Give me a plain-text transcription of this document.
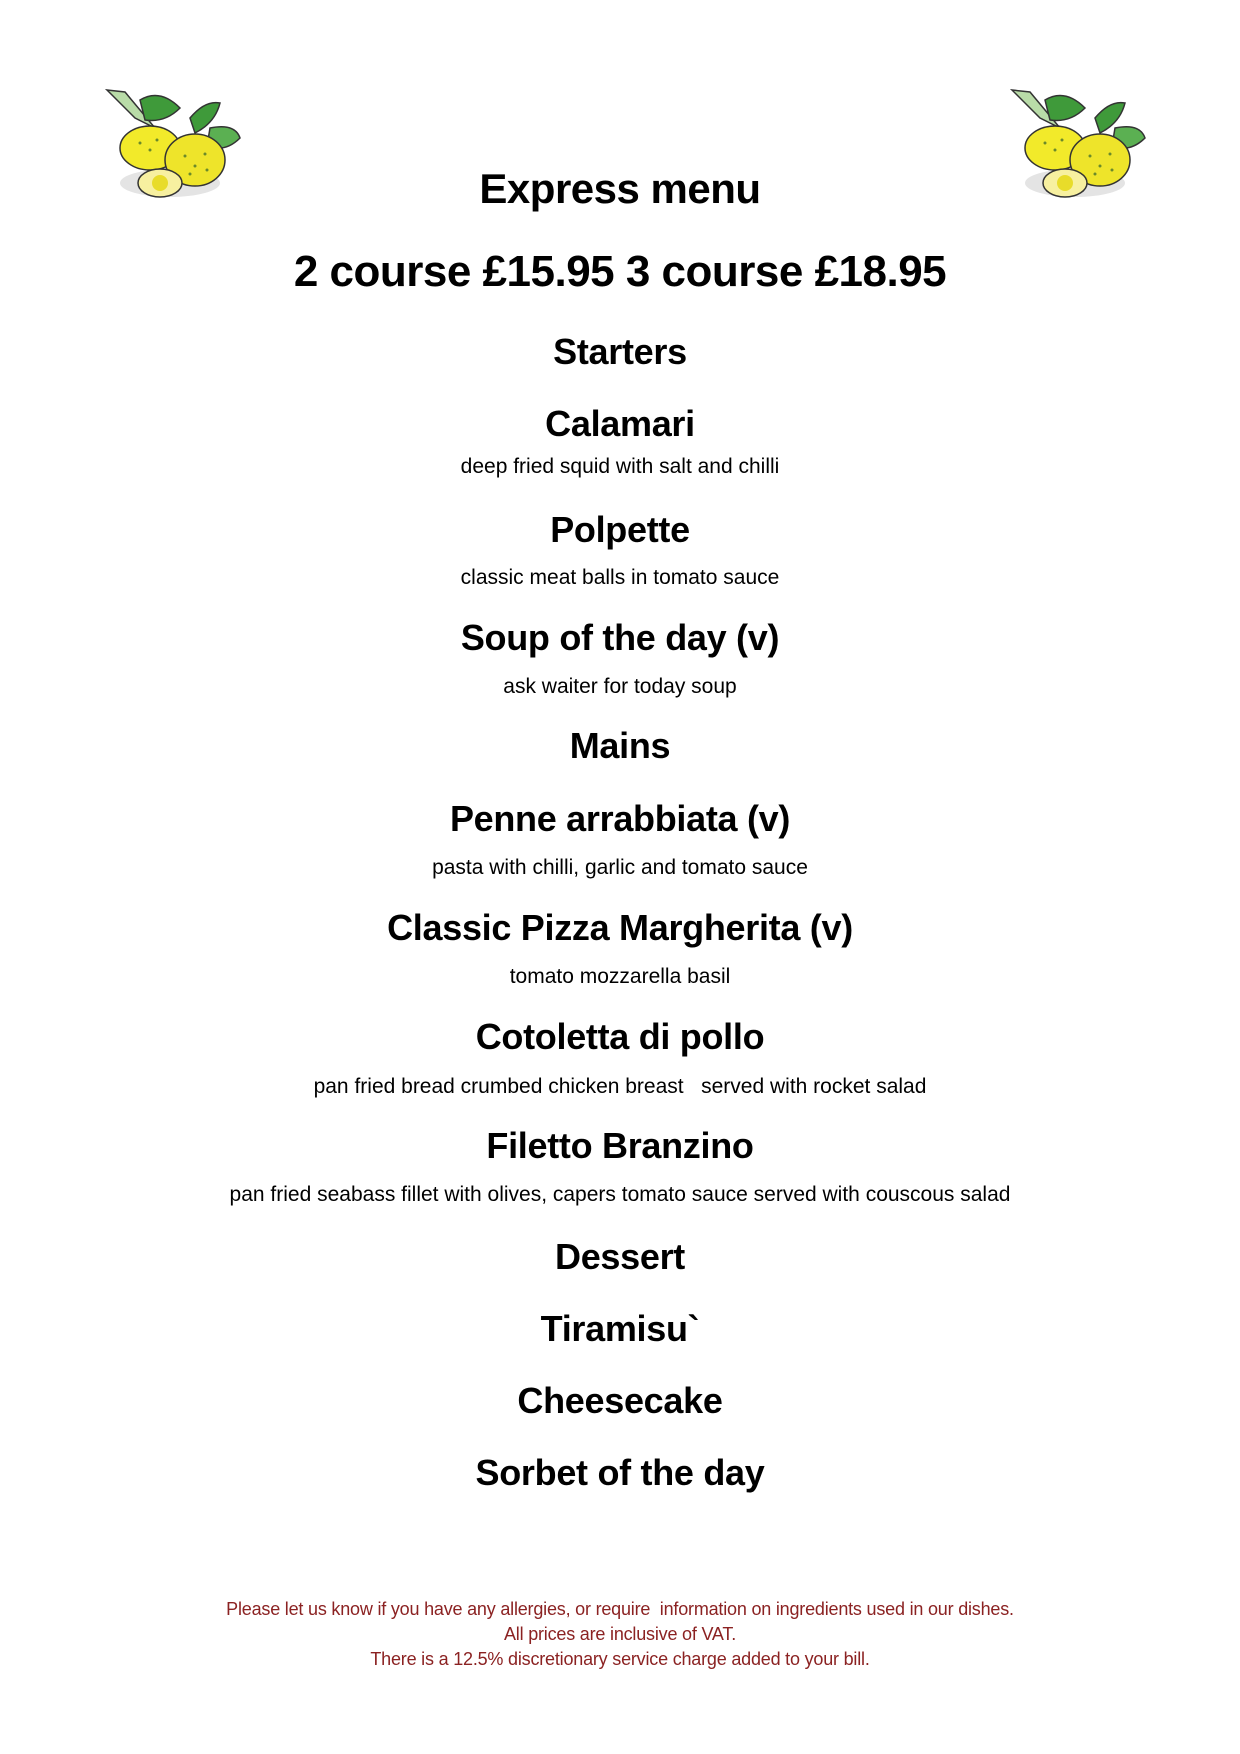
Express menu
2 course £15.95 3 course £18.95
Starters
Calamari
deep fried squid with salt and chilli
Polpette
classic meat balls in tomato sauce
Soup of the day (v)
ask waiter for today soup
Mains
Penne arrabbiata (v)
pasta with chilli, garlic and tomato sauce
Classic Pizza Margherita (v)
tomato mozzarella basil
Cotoletta di pollo
pan fried bread crumbed chicken breast   served with rocket salad
Filetto Branzino
pan fried seabass fillet with olives, capers tomato sauce served with couscous salad
Dessert
Tiramisu`
Cheesecake
Sorbet of the day
Please let us know if you have any allergies, or require  information on ingredients used in our dishes.
All prices are inclusive of VAT.
There is a 12.5% discretionary service charge added to your bill.
